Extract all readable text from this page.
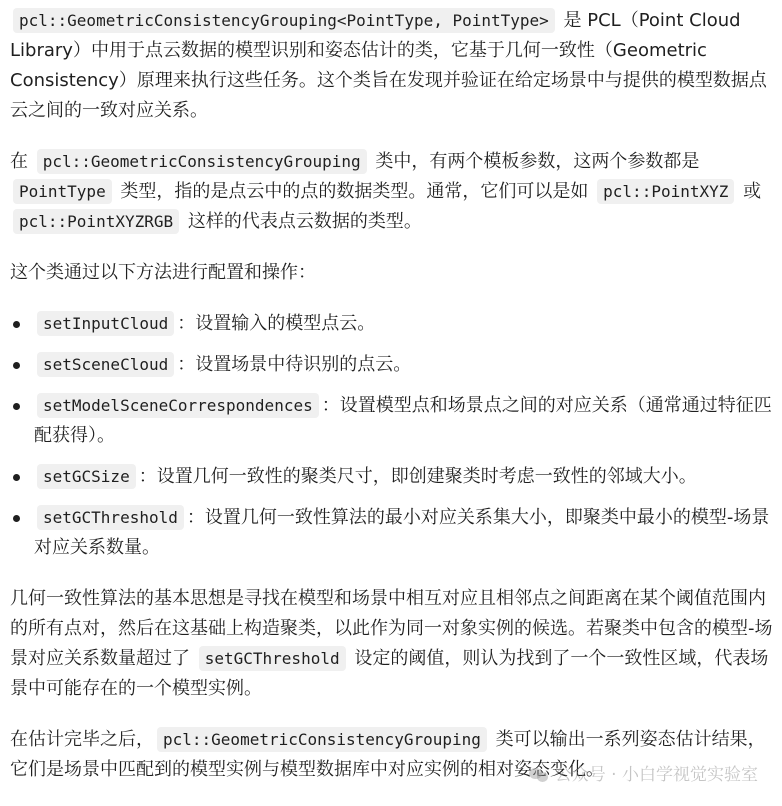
pcl::GeometricConsistencyGrouping<PointType, PointType> 是 PCL（Point Cloud Library）中用于点云数据的模型识别和姿态估计的类，它基于几何一致性（Geometric Consistency）原理来执行这些任务。这个类旨在发现并验证在给定场景中与提供的模型数据点云之间的一致对应关系。

在 pcl::GeometricConsistencyGrouping 类中，有两个模板参数，这两个参数都是 PointType 类型，指的是点云中的点的数据类型。通常，它们可以是如 pcl::PointXYZ 或 pcl::PointXYZRGB 这样的代表点云数据的类型。

这个类通过以下方法进行配置和操作：

setInputCloud ：设置输入的模型点云。
setSceneCloud ：设置场景中待识别的点云。
setModelSceneCorrespondences ：设置模型点和场景点之间的对应关系（通常通过特征匹配获得）。
setGCSize ：设置几何一致性的聚类尺寸，即创建聚类时考虑一致性的邻域大小。
setGCThreshold ：设置几何一致性算法的最小对应关系集大小，即聚类中最小的模型-场景对应关系数量。

几何一致性算法的基本思想是寻找在模型和场景中相互对应且相邻点之间距离在某个阈值范围内的所有点对，然后在这基础上构造聚类，以此作为同一对象实例的候选。若聚类中包含的模型-场景对应关系数量超过了 setGCThreshold 设定的阈值，则认为找到了一个一致性区域，代表场景中可能存在的一个模型实例。

在估计完毕之后， pcl::GeometricConsistencyGrouping 类可以输出一系列姿态估计结果，它们是场景中匹配到的模型实例与模型数据库中对应实例的相对姿态变化。

公众号 · 小白学视觉实验室
